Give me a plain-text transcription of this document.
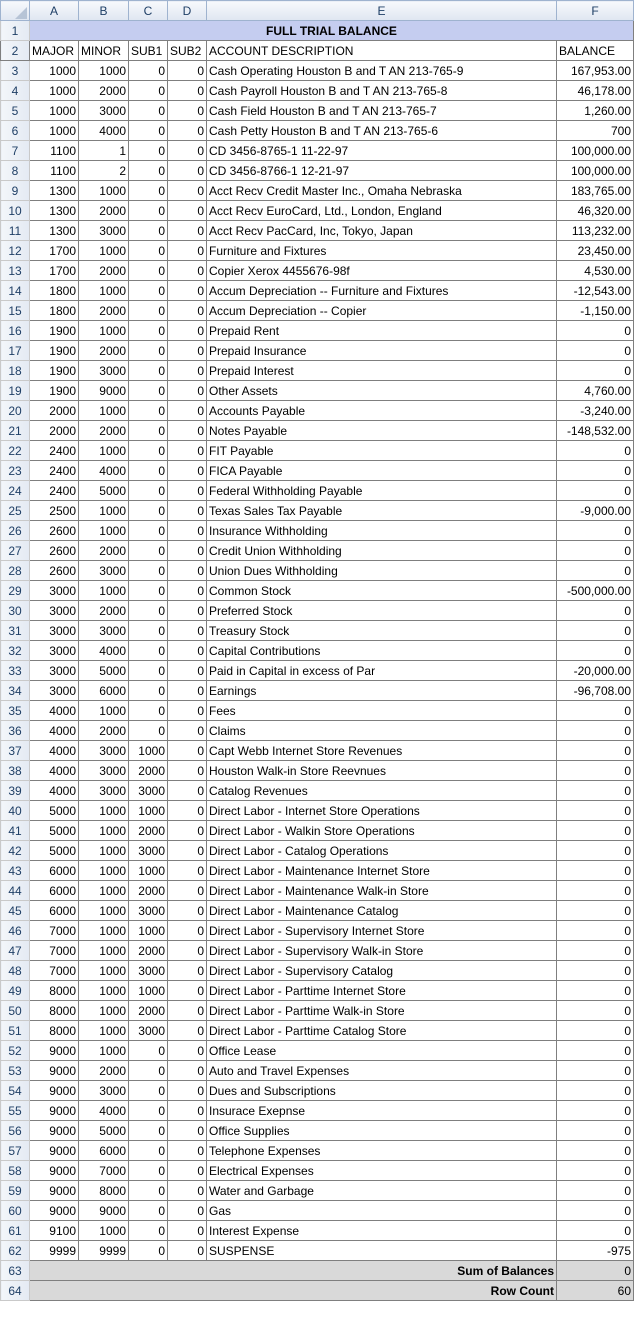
	A	B	C	D	E	F
1	FULL TRIAL BALANCE					
2	MAJOR	MINOR	SUB1	SUB2	ACCOUNT DESCRIPTION	BALANCE
3	1000	1000	0	0	Cash Operating Houston B and T AN 213-765-9	167,953.00
4	1000	2000	0	0	Cash Payroll Houston B and T AN 213-765-8	46,178.00
5	1000	3000	0	0	Cash Field Houston B and T AN 213-765-7	1,260.00
6	1000	4000	0	0	Cash Petty Houston B and T AN 213-765-6	700
7	1100	1	0	0	CD 3456-8765-1 11-22-97	100,000.00
8	1100	2	0	0	CD 3456-8766-1 12-21-97	100,000.00
9	1300	1000	0	0	Acct Recv Credit Master Inc., Omaha Nebraska	183,765.00
10	1300	2000	0	0	Acct Recv EuroCard, Ltd., London, England	46,320.00
11	1300	3000	0	0	Acct Recv PacCard, Inc, Tokyo, Japan	113,232.00
12	1700	1000	0	0	Furniture and Fixtures	23,450.00
13	1700	2000	0	0	Copier Xerox 4455676-98f	4,530.00
14	1800	1000	0	0	Accum Depreciation -- Furniture and Fixtures	-12,543.00
15	1800	2000	0	0	Accum Depreciation -- Copier	-1,150.00
16	1900	1000	0	0	Prepaid Rent	0
17	1900	2000	0	0	Prepaid Insurance	0
18	1900	3000	0	0	Prepaid Interest	0
19	1900	9000	0	0	Other Assets	4,760.00
20	2000	1000	0	0	Accounts Payable	-3,240.00
21	2000	2000	0	0	Notes Payable	-148,532.00
22	2400	1000	0	0	FIT Payable	0
23	2400	4000	0	0	FICA Payable	0
24	2400	5000	0	0	Federal Withholding Payable	0
25	2500	1000	0	0	Texas Sales Tax Payable	-9,000.00
26	2600	1000	0	0	Insurance Withholding	0
27	2600	2000	0	0	Credit Union Withholding	0
28	2600	3000	0	0	Union Dues Withholding	0
29	3000	1000	0	0	Common Stock	-500,000.00
30	3000	2000	0	0	Preferred Stock	0
31	3000	3000	0	0	Treasury Stock	0
32	3000	4000	0	0	Capital Contributions	0
33	3000	5000	0	0	Paid in Capital in excess of Par	-20,000.00
34	3000	6000	0	0	Earnings	-96,708.00
35	4000	1000	0	0	Fees	0
36	4000	2000	0	0	Claims	0
37	4000	3000	1000	0	Capt Webb Internet Store Revenues	0
38	4000	3000	2000	0	Houston Walk-in Store Reevnues	0
39	4000	3000	3000	0	Catalog Revenues	0
40	5000	1000	1000	0	Direct Labor - Internet Store Operations	0
41	5000	1000	2000	0	Direct Labor - Walkin Store Operations	0
42	5000	1000	3000	0	Direct Labor - Catalog Operations	0
43	6000	1000	1000	0	Direct Labor - Maintenance Internet Store	0
44	6000	1000	2000	0	Direct Labor - Maintenance Walk-in Store	0
45	6000	1000	3000	0	Direct Labor - Maintenance Catalog	0
46	7000	1000	1000	0	Direct Labor - Supervisory Internet Store	0
47	7000	1000	2000	0	Direct Labor - Supervisory Walk-in Store	0
48	7000	1000	3000	0	Direct Labor - Supervisory Catalog	0
49	8000	1000	1000	0	Direct Labor - Parttime Internet Store	0
50	8000	1000	2000	0	Direct Labor - Parttime Walk-in Store	0
51	8000	1000	3000	0	Direct Labor - Parttime Catalog Store	0
52	9000	1000	0	0	Office Lease	0
53	9000	2000	0	0	Auto and Travel Expenses	0
54	9000	3000	0	0	Dues and Subscriptions	0
55	9000	4000	0	0	Insurace Exepnse	0
56	9000	5000	0	0	Office Supplies	0
57	9000	6000	0	0	Telephone Expenses	0
58	9000	7000	0	0	Electrical Expenses	0
59	9000	8000	0	0	Water and Garbage	0
60	9000	9000	0	0	Gas	0
61	9100	1000	0	0	Interest Expense	0
62	9999	9999	0	0	SUSPENSE	-975
63	Sum of Balances					0
64	Row Count					60
